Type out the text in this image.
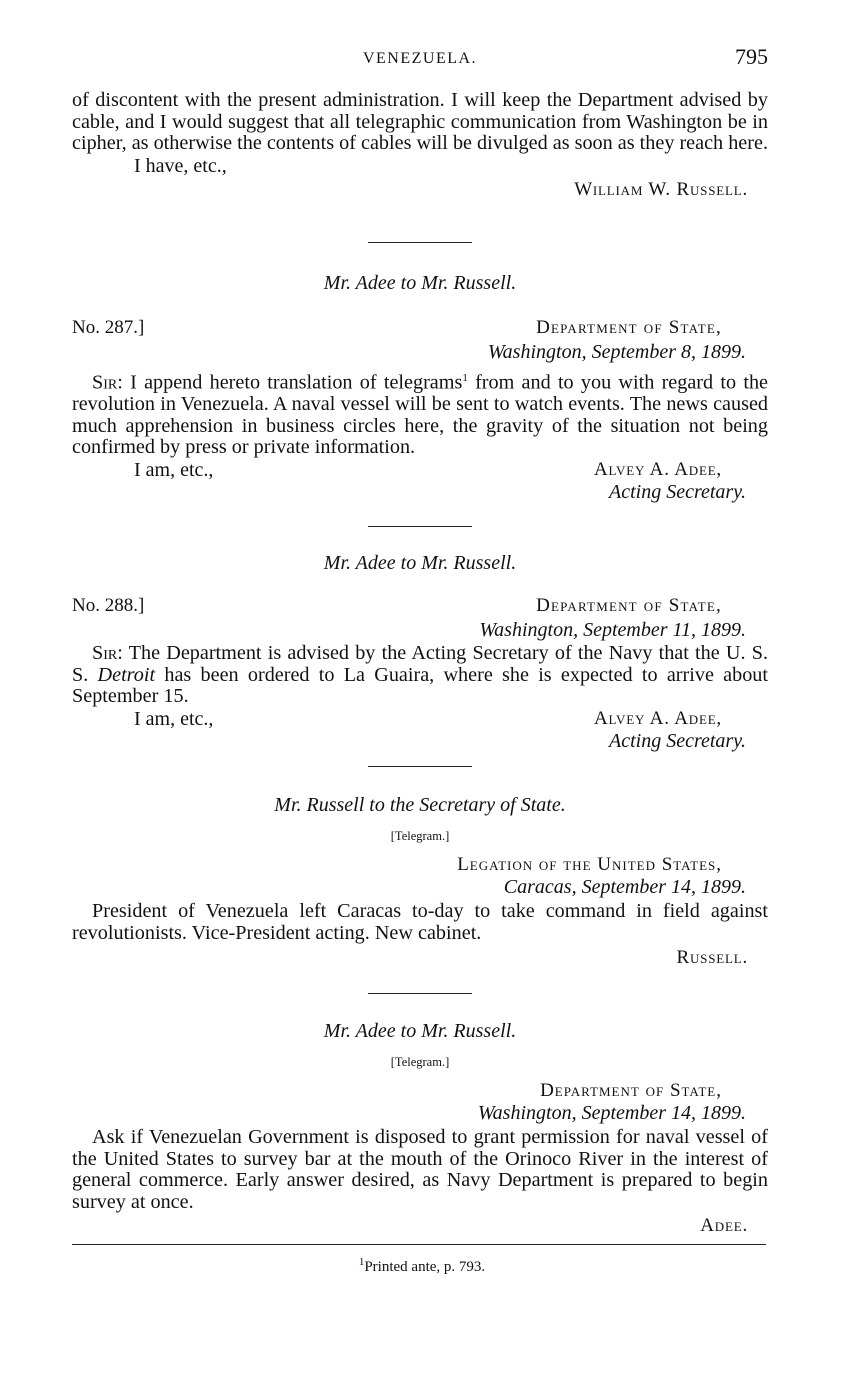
VENEZUELA.	795

of discontent with the present administration. I will keep the Department advised by cable, and I would suggest that all telegraphic communication from Washington be in cipher, as otherwise the contents of cables will be divulged as soon as they reach here.

I have, etc.,
William W. Russell.
Mr. Adee to Mr. Russell.
No. 287.]	Department of State,
Washington, September 8, 1899.

Sir: I append hereto translation of telegrams$^1$ from and to you with regard to the revolution in Venezuela. A naval vessel will be sent to watch events. The news caused much apprehension in business circles here, the gravity of the situation not being confirmed by press or private information.

I am, etc.,	Alvey A. Adee,
Acting Secretary.
Mr. Adee to Mr. Russell.
No. 288.]	Department of State,
Washington, September 11, 1899.

Sir: The Department is advised by the Acting Secretary of the Navy that the U. S. S. Detroit has been ordered to La Guaira, where she is expected to arrive about September 15.

I am, etc.,	Alvey A. Adee,
Acting Secretary.
Mr. Russell to the Secretary of State.
[Telegram.]
Legation of the United States,
Caracas, September 14, 1899.

President of Venezuela left Caracas to-day to take command in field against revolutionists. Vice-President acting. New cabinet.

Russell.
Mr. Adee to Mr. Russell.
[Telegram.]
Department of State,
Washington, September 14, 1899.

Ask if Venezuelan Government is disposed to grant permission for naval vessel of the United States to survey bar at the mouth of the Orinoco River in the interest of general commerce. Early answer desired, as Navy Department is prepared to begin survey at once.

Adee.
$^1$Printed ante, p. 793.
